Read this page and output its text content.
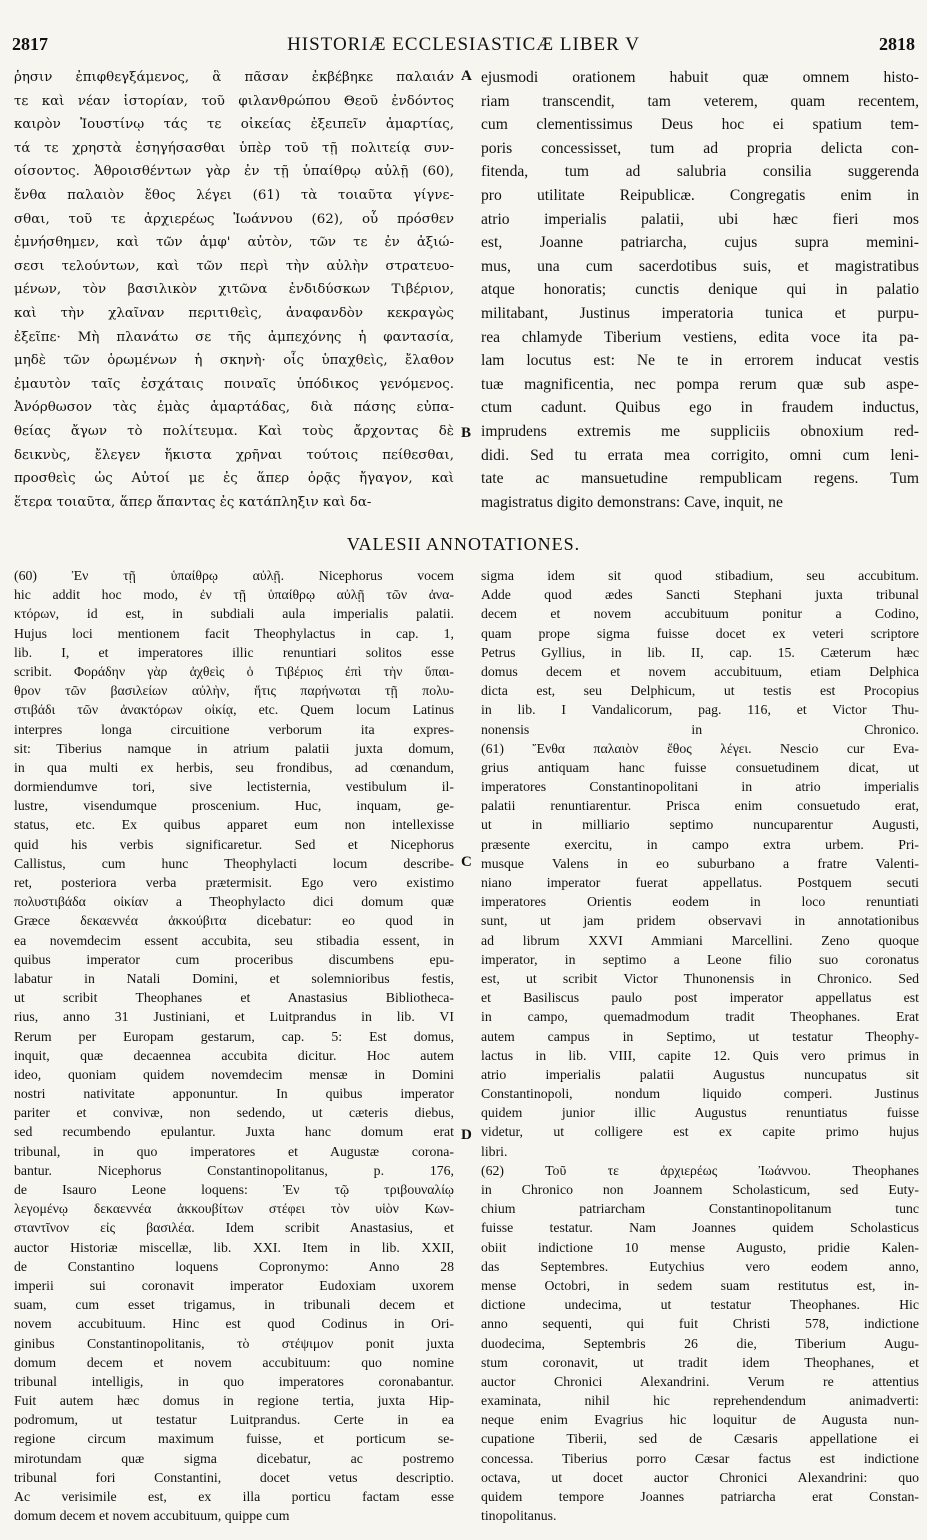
2817	HISTORIÆ ECCLESIASTICÆ LIBER V	2818
ῥησιν ἐπιφθεγξάμενος, ἃ πᾶσαν ἐκβέβηκε παλαιάν
τε καὶ νέαν ἱστορίαν, τοῦ φιλανθρώπου Θεοῦ ἐνδόντος
καιρὸν Ἰουστίνῳ τάς τε οἰκείας ἐξειπεῖν ἁμαρτίας,
τά τε χρηστὰ ἐσηγήσασθαι ὑπὲρ τοῦ τῇ πολιτείᾳ συν-
οίσοντος. Ἀθροισθέντων γὰρ ἐν τῇ ὑπαίθρῳ αὐλῇ (60),
ἔνθα παλαιὸν ἔθος λέγει (61) τὰ τοιαῦτα γίγνε-
σθαι, τοῦ τε ἀρχιερέως Ἰωάννου (62), οὗ πρόσθεν
ἐμνήσθημεν, καὶ τῶν ἀμφ' αὐτὸν, τῶν τε ἐν ἀξιώ-
σεσι τελούντων, καὶ τῶν περὶ τὴν αὐλὴν στρατευο-
μένων, τὸν βασιλικὸν χιτῶνα ἐνδιδύσκων Τιβέριον,
καὶ τὴν χλαῖναν περιτιθεὶς, ἀναφανδὸν κεκραγὼς
ἐξεῖπε· Μὴ πλανάτω σε τῆς ἀμπεχόνης ἡ φαντασία,
μηδὲ τῶν ὁρωμένων ἡ σκηνὴ· οἷς ὑπαχθεὶς, ἔλαθον
ἐμαυτὸν ταῖς ἐσχάταις ποιναῖς ὑπόδικος γενόμενος.
Ἀνόρθωσον τὰς ἐμὰς ἁμαρτάδας, διὰ πάσης εὐπα-
θείας ἄγων τὸ πολίτευμα. Καὶ τοὺς ἄρχοντας δὲ
δεικνὺς, ἔλεγεν ἥκιστα χρῆναι τούτοις πείθεσθαι,
προσθεὶς ὡς Αὐτοί με ἐς ἅπερ ὁρᾷς ἤγαγον, καὶ
ἕτερα τοιαῦτα, ἅπερ ἅπαντας ἐς κατάπληξιν καὶ δα-
ejusmodi orationem habuit quæ omnem histo-
riam transcendit, tam veterem, quam recentem,
cum clementissimus Deus hoc ei spatium tem-
poris concessisset, tum ad propria delicta con-
fitenda, tum ad salubria consilia suggerenda
pro utilitate Reipublicæ. Congregatis enim in
atrio imperialis palatii, ubi hæc fieri mos
est, Joanne patriarcha, cujus supra memini-
mus, una cum sacerdotibus suis, et magistratibus
atque honoratis; cunctis denique qui in palatio
militabant, Justinus imperatoria tunica et purpu-
rea chlamyde Tiberium vestiens, edita voce ita pa-
lam locutus est: Ne te in errorem inducat vestis
tuæ magnificentia, nec pompa rerum quæ sub aspe-
ctum cadunt. Quibus ego in fraudem inductus,
imprudens extremis me suppliciis obnoxium red-
didi. Sed tu errata mea corrigito, omni cum leni-
tate ac mansuetudine rempublicam regens. Tum
magistratus digito demonstrans: Cave, inquit, ne
A
B
C
D
VALESII ANNOTATIONES.
(60) Ἐν τῇ ὑπαίθρῳ αὐλῇ. Nicephorus vocem
hic addit hoc modo, ἐν τῇ ὑπαίθρῳ αὐλῇ τῶν ἀνα-
κτόρων, id est, in subdiali aula imperialis palatii.
Hujus loci mentionem facit Theophylactus in cap. 1,
lib. I, et imperatores illic renuntiari solitos esse
scribit. Φοράδην γὰρ ἀχθεὶς ὁ Τιβέριος ἐπὶ τὴν ὕπαι-
θρον τῶν βασιλείων αὐλὴν, ἥτις παρήνωται τῇ πολυ-
στιβάδι τῶν ἀνακτόρων οἰκίᾳ, etc. Quem locum Latinus
interpres longa circuitione verborum ita expres-
sit: Tiberius namque in atrium palatii juxta domum,
in qua multi ex herbis, seu frondibus, ad cœnandum,
dormiendumve tori, sive lectisternia, vestibulum il-
lustre, visendumque proscenium. Huc, inquam, ge-
status, etc. Ex quibus apparet eum non intellexisse
quid his verbis significaretur. Sed et Nicephorus
Callistus, cum hunc Theophylacti locum describe-
ret, posteriora verba prætermisit. Ego vero existimo
πολυστιβάδα οἰκίαν a Theophylacto dici domum quæ
Græce δεκαεννέα ἀκκούβιτα dicebatur: eo quod in
ea novemdecim essent accubita, seu stibadia essent, in
quibus imperator cum proceribus discumbens epu-
labatur in Natali Domini, et solemnioribus festis,
ut scribit Theophanes et Anastasius Bibliotheca-
rius, anno 31 Justiniani, et Luitprandus in lib. VI
Rerum per Europam gestarum, cap. 5: Est domus,
inquit, quæ decaennea accubita dicitur. Hoc autem
ideo, quoniam quidem novemdecim mensæ in Domini
nostri nativitate apponuntur. In quibus imperator
pariter et convivæ, non sedendo, ut cæteris diebus,
sed recumbendo epulantur. Juxta hanc domum erat
tribunal, in quo imperatores et Augustæ corona-
bantur. Nicephorus Constantinopolitanus, p. 176,
de Isauro Leone loquens: Ἐν τῷ τριβουναλίῳ
λεγομένῳ δεκαεννέα ἀκκουβίτων στέφει τὸν υἱὸν Κων-
σταντῖνον εἰς βασιλέα. Idem scribit Anastasius, et
auctor Historiæ miscellæ, lib. XXI. Item in lib. XXII,
de Constantino loquens Copronymo: Anno 28
imperii sui coronavit imperator Eudoxiam uxorem
suam, cum esset trigamus, in tribunali decem et
novem accubituum. Hinc est quod Codinus in Ori-
ginibus Constantinopolitanis, τὸ στέψιμον ponit juxta
domum decem et novem accubituum: quo nomine
tribunal intelligis, in quo imperatores coronabantur.
Fuit autem hæc domus in regione tertia, juxta Hip-
podromum, ut testatur Luitprandus. Certe in ea
regione circum maximum fuisse, et porticum se-
mirotundam quæ sigma dicebatur, ac postremo
tribunal fori Constantini, docet vetus descriptio.
Ac verisimile est, ex illa porticu factam esse
domum decem et novem accubituum, quippe cum
sigma idem sit quod stibadium, seu accubitum.
Adde quod ædes Sancti Stephani juxta tribunal
decem et novem accubituum ponitur a Codino,
quam prope sigma fuisse docet ex veteri scriptore
Petrus Gyllius, in lib. II, cap. 15. Cæterum hæc
domus decem et novem accubituum, etiam Delphica
dicta est, seu Delphicum, ut testis est Procopius
in lib. I Vandalicorum, pag. 116, et Victor Thu-
nonensis in Chronico.
(61) Ἔνθα παλαιὸν ἔθος λέγει. Nescio cur Eva-
grius antiquam hanc fuisse consuetudinem dicat, ut
imperatores Constantinopolitani in atrio imperialis
palatii renuntiarentur. Prisca enim consuetudo erat,
ut in milliario septimo nuncuparentur Augusti,
præsente exercitu, in campo extra urbem. Pri-
musque Valens in eo suburbano a fratre Valenti-
niano imperator fuerat appellatus. Postquem secuti
imperatores Orientis eodem in loco renuntiati
sunt, ut jam pridem observavi in annotationibus
ad librum XXVI Ammiani Marcellini. Zeno quoque
imperator, in septimo a Leone filio suo coronatus
est, ut scribit Victor Thunonensis in Chronico. Sed
et Basiliscus paulo post imperator appellatus est
in campo, quemadmodum tradit Theophanes. Erat
autem campus in Septimo, ut testatur Theophy-
lactus in lib. VIII, capite 12. Quis vero primus in
atrio imperialis palatii Augustus nuncupatus sit
Constantinopoli, nondum liquido comperi. Justinus
quidem junior illic Augustus renuntiatus fuisse
videtur, ut colligere est ex capite primo hujus
libri.
(62) Τοῦ τε ἀρχιερέως Ἰωάννου. Theophanes
in Chronico non Joannem Scholasticum, sed Euty-
chium patriarcham Constantinopolitanum tunc
fuisse testatur. Nam Joannes quidem Scholasticus
obiit indictione 10 mense Augusto, pridie Kalen-
das Septembres. Eutychius vero eodem anno,
mense Octobri, in sedem suam restitutus est, in-
dictione undecima, ut testatur Theophanes. Hic
anno sequenti, qui fuit Christi 578, indictione
duodecima, Septembris 26 die, Tiberium Augu-
stum coronavit, ut tradit idem Theophanes, et
auctor Chronici Alexandrini. Verum re attentius
examinata, nihil hic reprehendendum animadverti:
neque enim Evagrius hic loquitur de Augusta nun-
cupatione Tiberii, sed de Cæsaris appellatione ei
concessa. Tiberius porro Cæsar factus est indictione
octava, ut docet auctor Chronici Alexandrini: quo
quidem tempore Joannes patriarcha erat Constan-
tinopolitanus.
